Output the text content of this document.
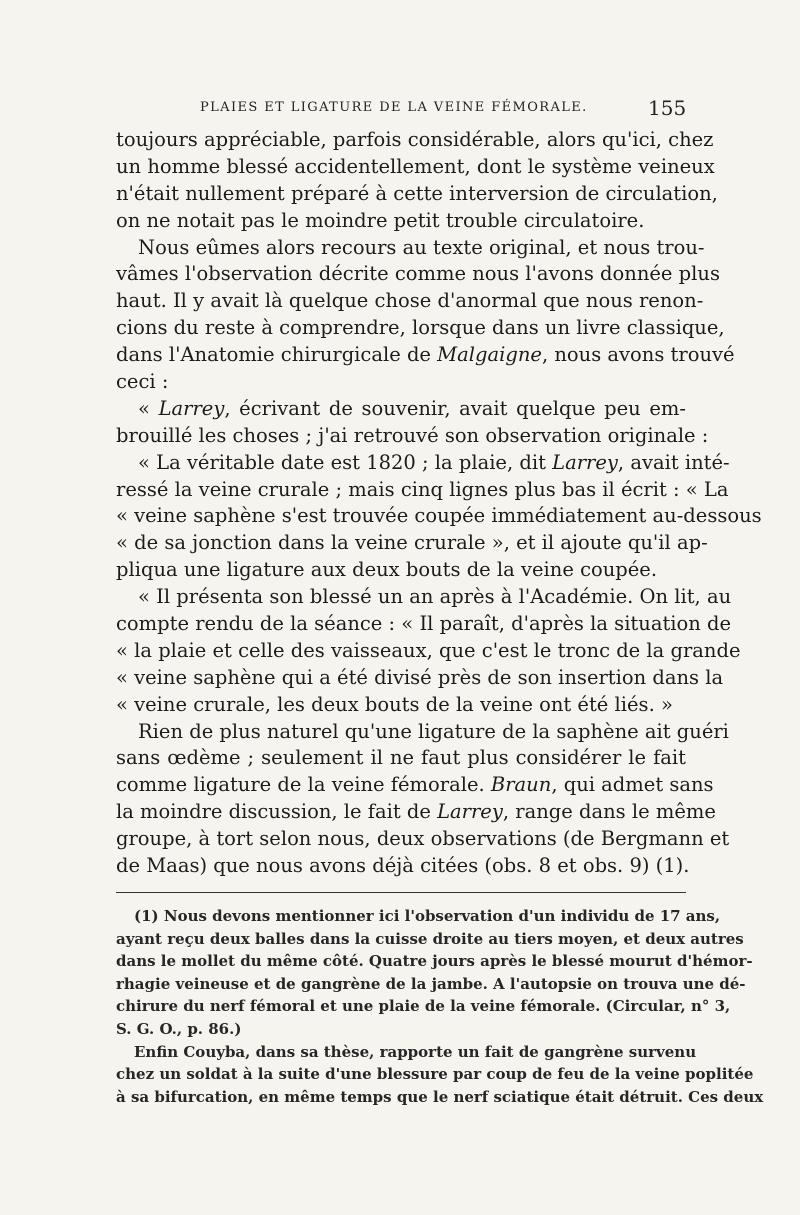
PLAIES ET LIGATURE DE LA VEINE FÉMORALE.	155
toujours appréciable, parfois considérable, alors qu'ici, chez
un homme blessé accidentellement, dont le système veineux
n'était nullement préparé à cette interversion de circulation,
on ne notait pas le moindre petit trouble circulatoire.
Nous eûmes alors recours au texte original, et nous trou-
vâmes l'observation décrite comme nous l'avons donnée plus
haut. Il y avait là quelque chose d'anormal que nous renon-
cions du reste à comprendre, lorsque dans un livre classique,
dans l'Anatomie chirurgicale de Malgaigne, nous avons trouvé
ceci :
« Larrey, écrivant de souvenir, avait quelque peu em-
brouillé les choses ; j'ai retrouvé son observation originale :
« La véritable date est 1820 ; la plaie, dit Larrey, avait inté-
ressé la veine crurale ; mais cinq lignes plus bas il écrit : « La
« veine saphène s'est trouvée coupée immédiatement au-dessous
« de sa jonction dans la veine crurale », et il ajoute qu'il ap-
pliqua une ligature aux deux bouts de la veine coupée.
« Il présenta son blessé un an après à l'Académie. On lit, au
compte rendu de la séance : « Il paraît, d'après la situation de
« la plaie et celle des vaisseaux, que c'est le tronc de la grande
« veine saphène qui a été divisé près de son insertion dans la
« veine crurale, les deux bouts de la veine ont été liés. »
Rien de plus naturel qu'une ligature de la saphène ait guéri
sans œdème ; seulement il ne faut plus considérer le fait
comme ligature de la veine fémorale. Braun, qui admet sans
la moindre discussion, le fait de Larrey, range dans le même
groupe, à tort selon nous, deux observations (de Bergmann et
de Maas) que nous avons déjà citées (obs. 8 et obs. 9) (1).
(1) Nous devons mentionner ici l'observation d'un individu de 17 ans,
ayant reçu deux balles dans la cuisse droite au tiers moyen, et deux autres
dans le mollet du même côté. Quatre jours après le blessé mourut d'hémor-
rhagie veineuse et de gangrène de la jambe. A l'autopsie on trouva une dé-
chirure du nerf fémoral et une plaie de la veine fémorale. (Circular, n° 3,
S. G. O., p. 86.)
Enfin Couyba, dans sa thèse, rapporte un fait de gangrène survenu
chez un soldat à la suite d'une blessure par coup de feu de la veine poplitée
à sa bifurcation, en même temps que le nerf sciatique était détruit. Ces deux
